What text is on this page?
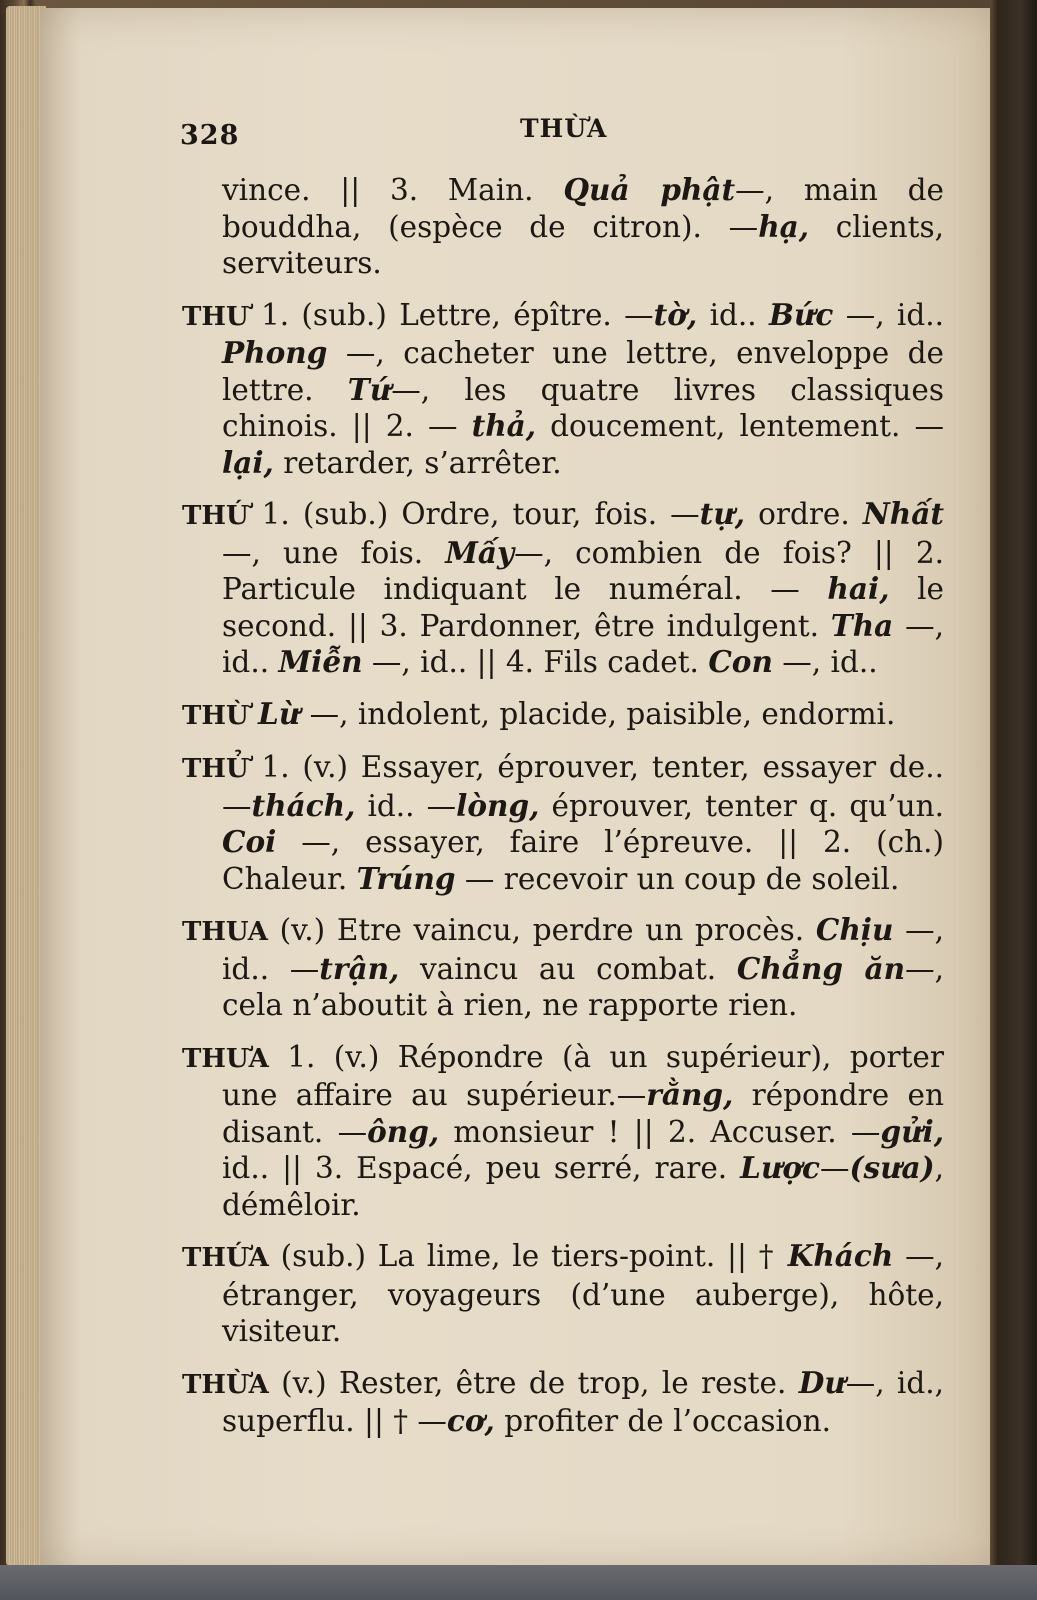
328	THỪA

vince. || 3. Main. Quả phật—, main de bouddha, (espèce de citron). —hạ, clients, serviteurs.

THƯ 1. (sub.) Lettre, épître. —tờ, id.. Bức —, id.. Phong —, cacheter une lettre, enveloppe de lettre. Tứ—, les quatre livres classiques chinois. || 2. — thả, doucement, lentement. — lại, retarder, s’arrêter.

THỨ 1. (sub.) Ordre, tour, fois. —tự, ordre. Nhất —, une fois. Mấy—, combien de fois? || 2. Particule indiquant le numéral. — hai, le second. || 3. Pardonner, être indulgent. Tha —, id.. Miễn —, id.. || 4. Fils cadet. Con —, id..

THỪ Lừ —, indolent, placide, paisible, endormi.

THỬ 1. (v.) Essayer, éprouver, tenter, essayer de.. —thách, id.. —lòng, éprouver, tenter q. qu’un. Coi —, essayer, faire l’épreuve. || 2. (ch.) Chaleur. Trúng — recevoir un coup de soleil.

THUA (v.) Etre vaincu, perdre un procès. Chịu —, id.. —trận, vaincu au combat. Chẳng ăn—, cela n’aboutit à rien, ne rapporte rien.

THƯA 1. (v.) Répondre (à un supérieur), porter une affaire au supérieur.—rằng, répondre en disant. —ông, monsieur ! || 2. Accuser. —gửi, id.. || 3. Espacé, peu serré, rare. Lược—(sưa), démêloir.

THỨA (sub.) La lime, le tiers-point. || † Khách —, étranger, voyageurs (d’une auberge), hôte, visiteur.

THỪA (v.) Rester, être de trop, le reste. Dư—, id., superflu. || † —cơ, profiter de l’occasion.
